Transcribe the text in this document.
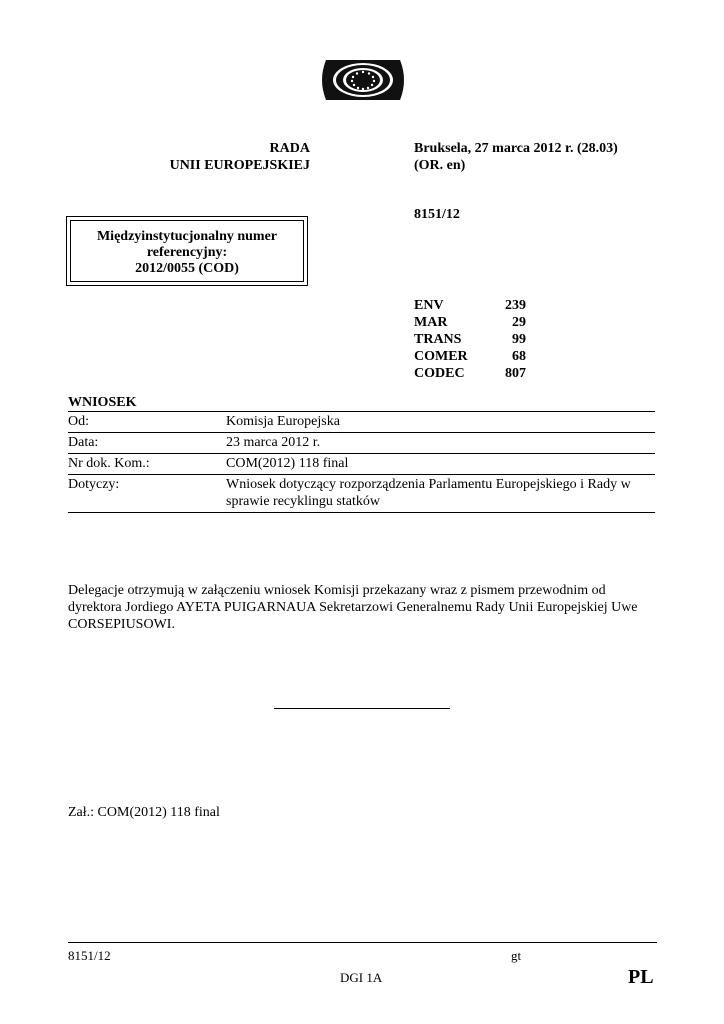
RADA
UNII EUROPEJSKIEJ
Bruksela, 27 marca 2012 r. (28.03)
(OR. en)
8151/12
Międzyinstytucjonalny numer
referencyjny:
2012/0055 (COD)
ENV	239
MAR	29
TRANS	99
COMER	68
CODEC	807
WNIOSEK
Od:	Komisja Europejska
Data:	23 marca 2012 r.
Nr dok. Kom.:	COM(2012) 118 final
Dotyczy:	Wniosek dotyczący rozporządzenia Parlamentu Europejskiego i Rady w sprawie recyklingu statków
Delegacje otrzymują w załączeniu wniosek Komisji przekazany wraz z pismem przewodnim od dyrektora Jordiego AYETA PUIGARNAUA Sekretarzowi Generalnemu Rady Unii Europejskiej Uwe CORSEPIUSOWI.
Zał.: COM(2012) 118 final
8151/12	gt
DGI 1A	PL
